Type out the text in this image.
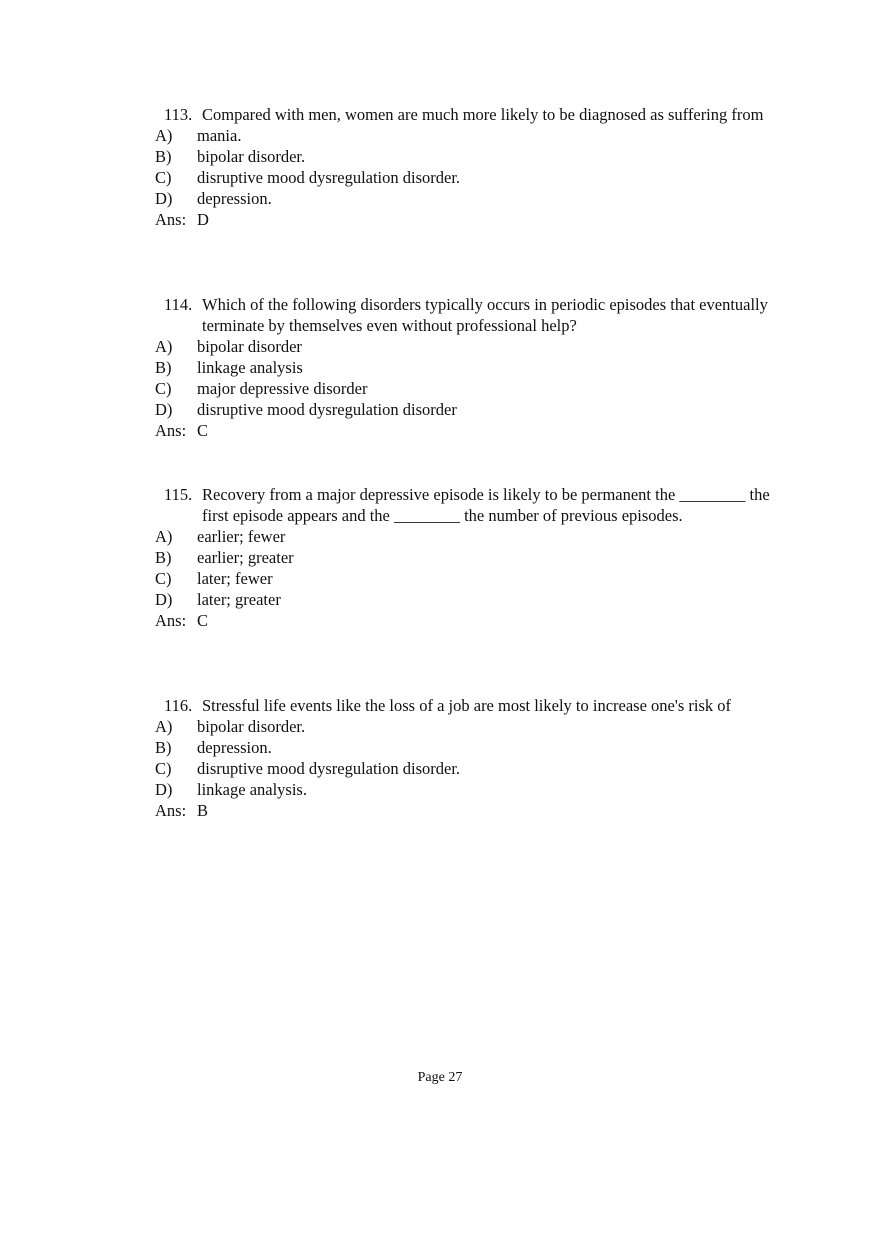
113. Compared with men, women are much more likely to be diagnosed as suffering from
A) mania.
B) bipolar disorder.
C) disruptive mood dysregulation disorder.
D) depression.
Ans: D
114. Which of the following disorders typically occurs in periodic episodes that eventually terminate by themselves even without professional help?
A) bipolar disorder
B) linkage analysis
C) major depressive disorder
D) disruptive mood dysregulation disorder
Ans: C
115. Recovery from a major depressive episode is likely to be permanent the ________ the first episode appears and the ________ the number of previous episodes.
A) earlier; fewer
B) earlier; greater
C) later; fewer
D) later; greater
Ans: C
116. Stressful life events like the loss of a job are most likely to increase one's risk of
A) bipolar disorder.
B) depression.
C) disruptive mood dysregulation disorder.
D) linkage analysis.
Ans: B
Page 27
